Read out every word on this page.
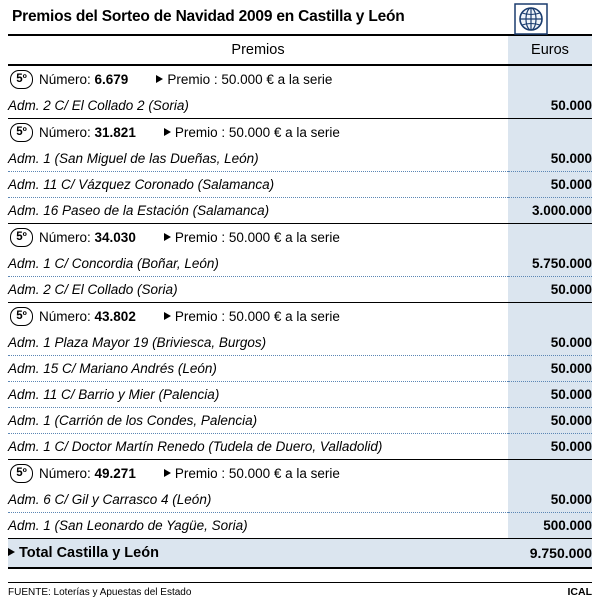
Premios del Sorteo de Navidad 2009 en Castilla y León
Premios	Euros

5º Número: 6.679 Premio : 50.000 € a la serie	

Adm. 2 C/ El Collado 2 (Soria)	50.000

5º Número: 31.821 Premio : 50.000 € a la serie	

Adm. 1 (San Miguel de las Dueñas, León)	50.000
Adm. 11 C/ Vázquez Coronado (Salamanca)	50.000
Adm. 16 Paseo de la Estación (Salamanca)	3.000.000

5º Número: 34.030 Premio : 50.000 € a la serie	

Adm. 1 C/ Concordia (Boñar, León)	5.750.000
Adm. 2 C/ El Collado (Soria)	50.000

5º Número: 43.802 Premio : 50.000 € a la serie	

Adm. 1 Plaza Mayor 19 (Briviesca, Burgos)	50.000
Adm. 15 C/ Mariano Andrés (León)	50.000
Adm. 11 C/ Barrio y Mier (Palencia)	50.000
Adm. 1 (Carrión de los Condes, Palencia)	50.000
Adm. 1 C/ Doctor Martín Renedo (Tudela de Duero, Valladolid)	50.000

5º Número: 49.271 Premio : 50.000 € a la serie	

Adm. 6 C/ Gil y Carrasco 4 (León)	50.000
Adm. 1 (San Leonardo de Yagüe, Soria)	500.000
Total Castilla y León	9.750.000
FUENTE: Loterías y Apuestas del Estado	ICAL
